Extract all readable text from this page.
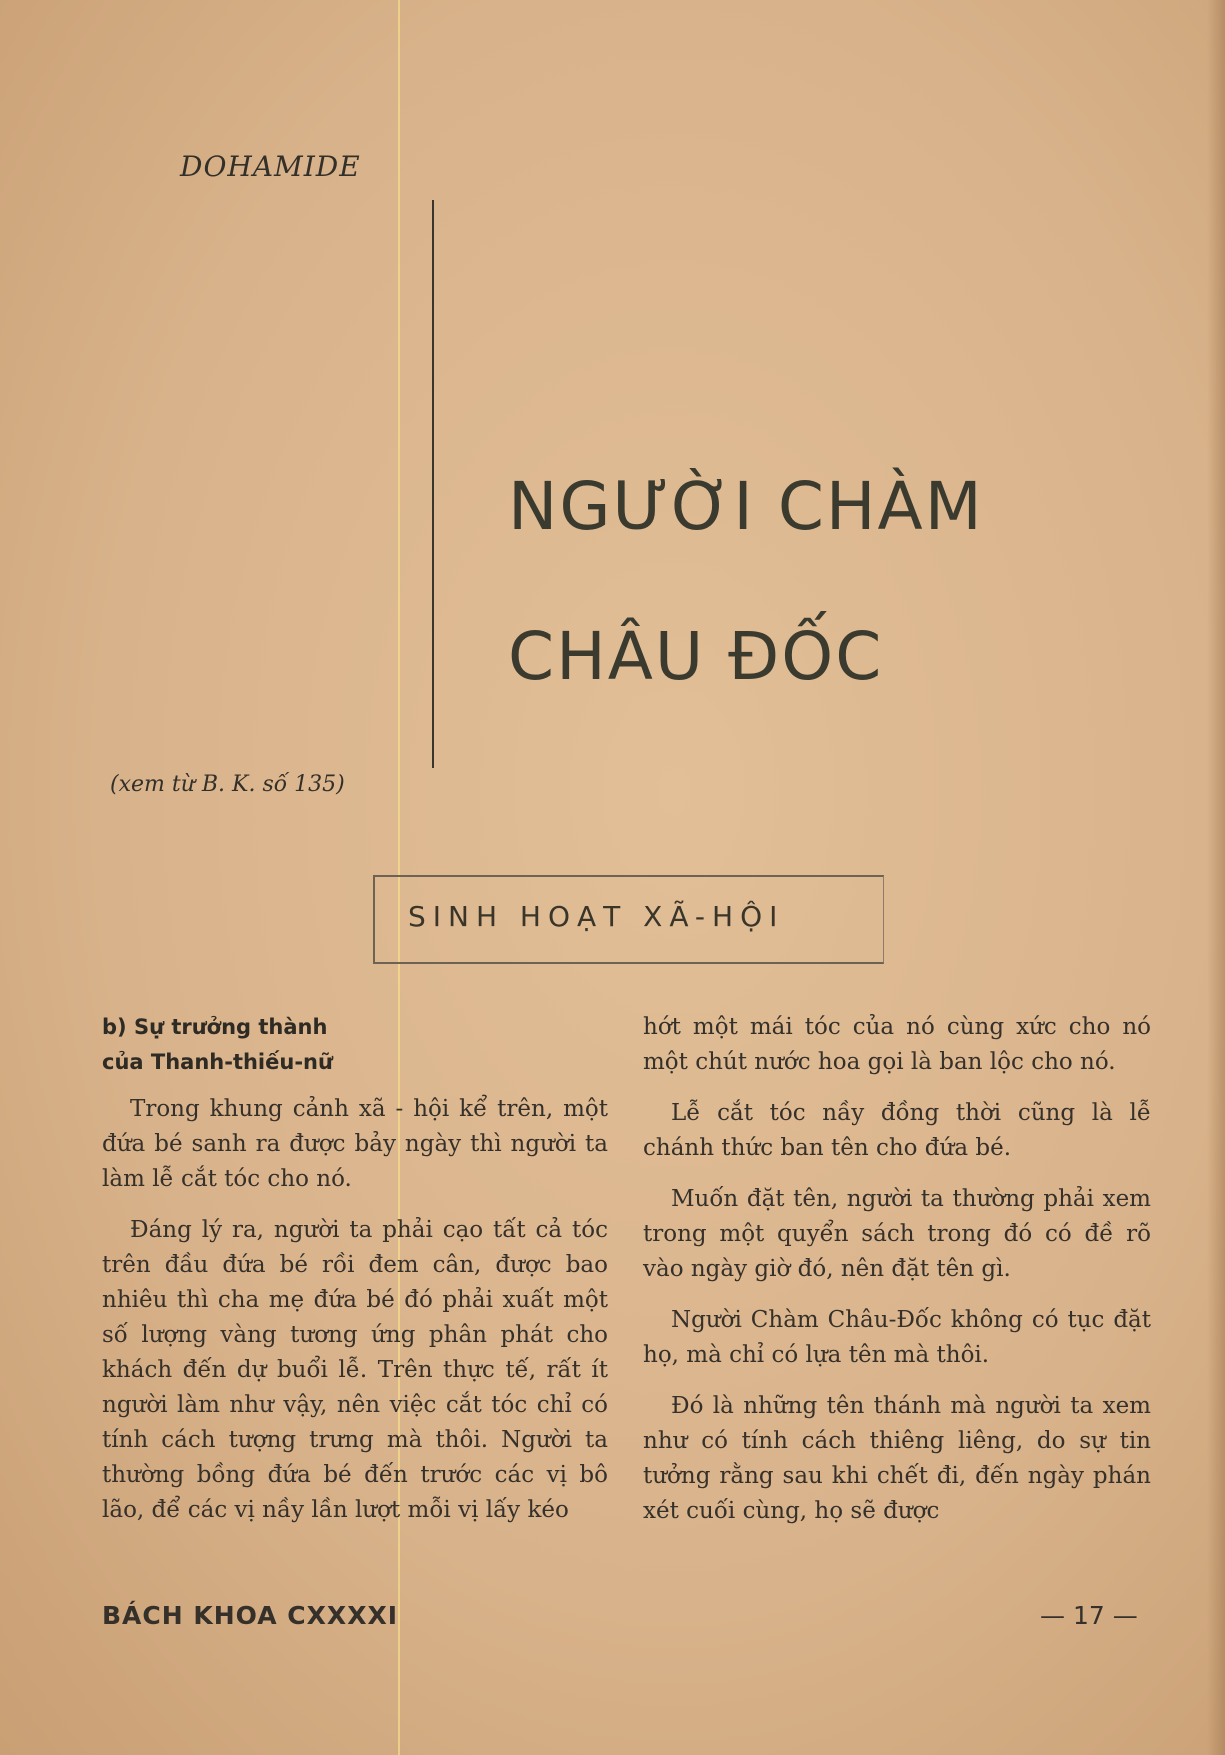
DOHAMIDE
NGƯỜI CHÀM
CHÂU ĐỐC
(xem từ B. K. số 135)
SINH HOẠT XÃ-HỘI
b) Sự trưởng thành
của Thanh-thiếu-nữ

Trong khung cảnh xã - hội kể trên, một đứa bé sanh ra được bảy ngày thì người ta làm lễ cắt tóc cho nó.

Đáng lý ra, người ta phải cạo tất cả tóc trên đầu đứa bé rồi đem cân, được bao nhiêu thì cha mẹ đứa bé đó phải xuất một số lượng vàng tương ứng phân phát cho khách đến dự buổi lễ. Trên thực tế, rất ít người làm như vậy, nên việc cắt tóc chỉ có tính cách tượng trưng mà thôi. Người ta thường bồng đứa bé đến trước các vị bô lão, để các vị nầy lần lượt mỗi vị lấy kéo

hớt một mái tóc của nó cùng xức cho nó một chút nước hoa gọi là ban lộc cho nó.

Lễ cắt tóc nầy đồng thời cũng là lễ chánh thức ban tên cho đứa bé.

Muốn đặt tên, người ta thường phải xem trong một quyển sách trong đó có đề rõ vào ngày giờ đó, nên đặt tên gì.

Người Chàm Châu-Đốc không có tục đặt họ, mà chỉ có lựa tên mà thôi.

Đó là những tên thánh mà người ta xem như có tính cách thiêng liêng, do sự tin tưởng rằng sau khi chết đi, đến ngày phán xét cuối cùng, họ sẽ được

BÁCH KHOA CXXXXI	— 17 —
